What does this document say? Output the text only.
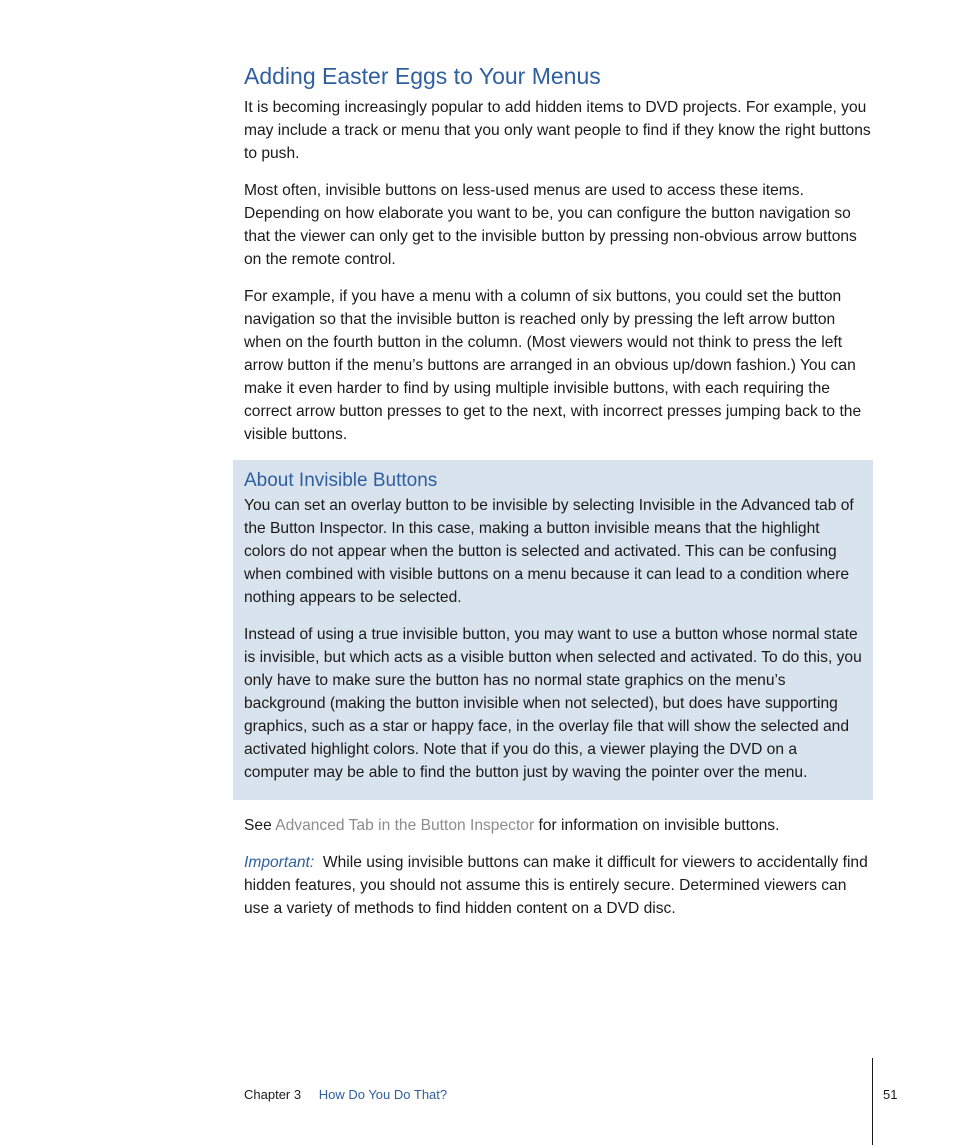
Adding Easter Eggs to Your Menus

It is becoming increasingly popular to add hidden items to DVD projects. For example, you may include a track or menu that you only want people to find if they know the right buttons to push.

Most often, invisible buttons on less-used menus are used to access these items. Depending on how elaborate you want to be, you can configure the button navigation so that the viewer can only get to the invisible button by pressing non-obvious arrow buttons on the remote control.

For example, if you have a menu with a column of six buttons, you could set the button navigation so that the invisible button is reached only by pressing the left arrow button when on the fourth button in the column. (Most viewers would not think to press the left arrow button if the menu’s buttons are arranged in an obvious up/down fashion.) You can make it even harder to find by using multiple invisible buttons, with each requiring the correct arrow button presses to get to the next, with incorrect presses jumping back to the visible buttons.

About Invisible Buttons

You can set an overlay button to be invisible by selecting Invisible in the Advanced tab of the Button Inspector. In this case, making a button invisible means that the highlight colors do not appear when the button is selected and activated. This can be confusing when combined with visible buttons on a menu because it can lead to a condition where nothing appears to be selected.

Instead of using a true invisible button, you may want to use a button whose normal state is invisible, but which acts as a visible button when selected and activated. To do this, you only have to make sure the button has no normal state graphics on the menu’s background (making the button invisible when not selected), but does have supporting graphics, such as a star or happy face, in the overlay file that will show the selected and activated highlight colors. Note that if you do this, a viewer playing the DVD on a computer may be able to find the button just by waving the pointer over the menu.

See Advanced Tab in the Button Inspector for information on invisible buttons.

Important: While using invisible buttons can make it difficult for viewers to accidentally find hidden features, you should not assume this is entirely secure. Determined viewers can use a variety of methods to find hidden content on a DVD disc.

Chapter 3 How Do You Do That?	51
